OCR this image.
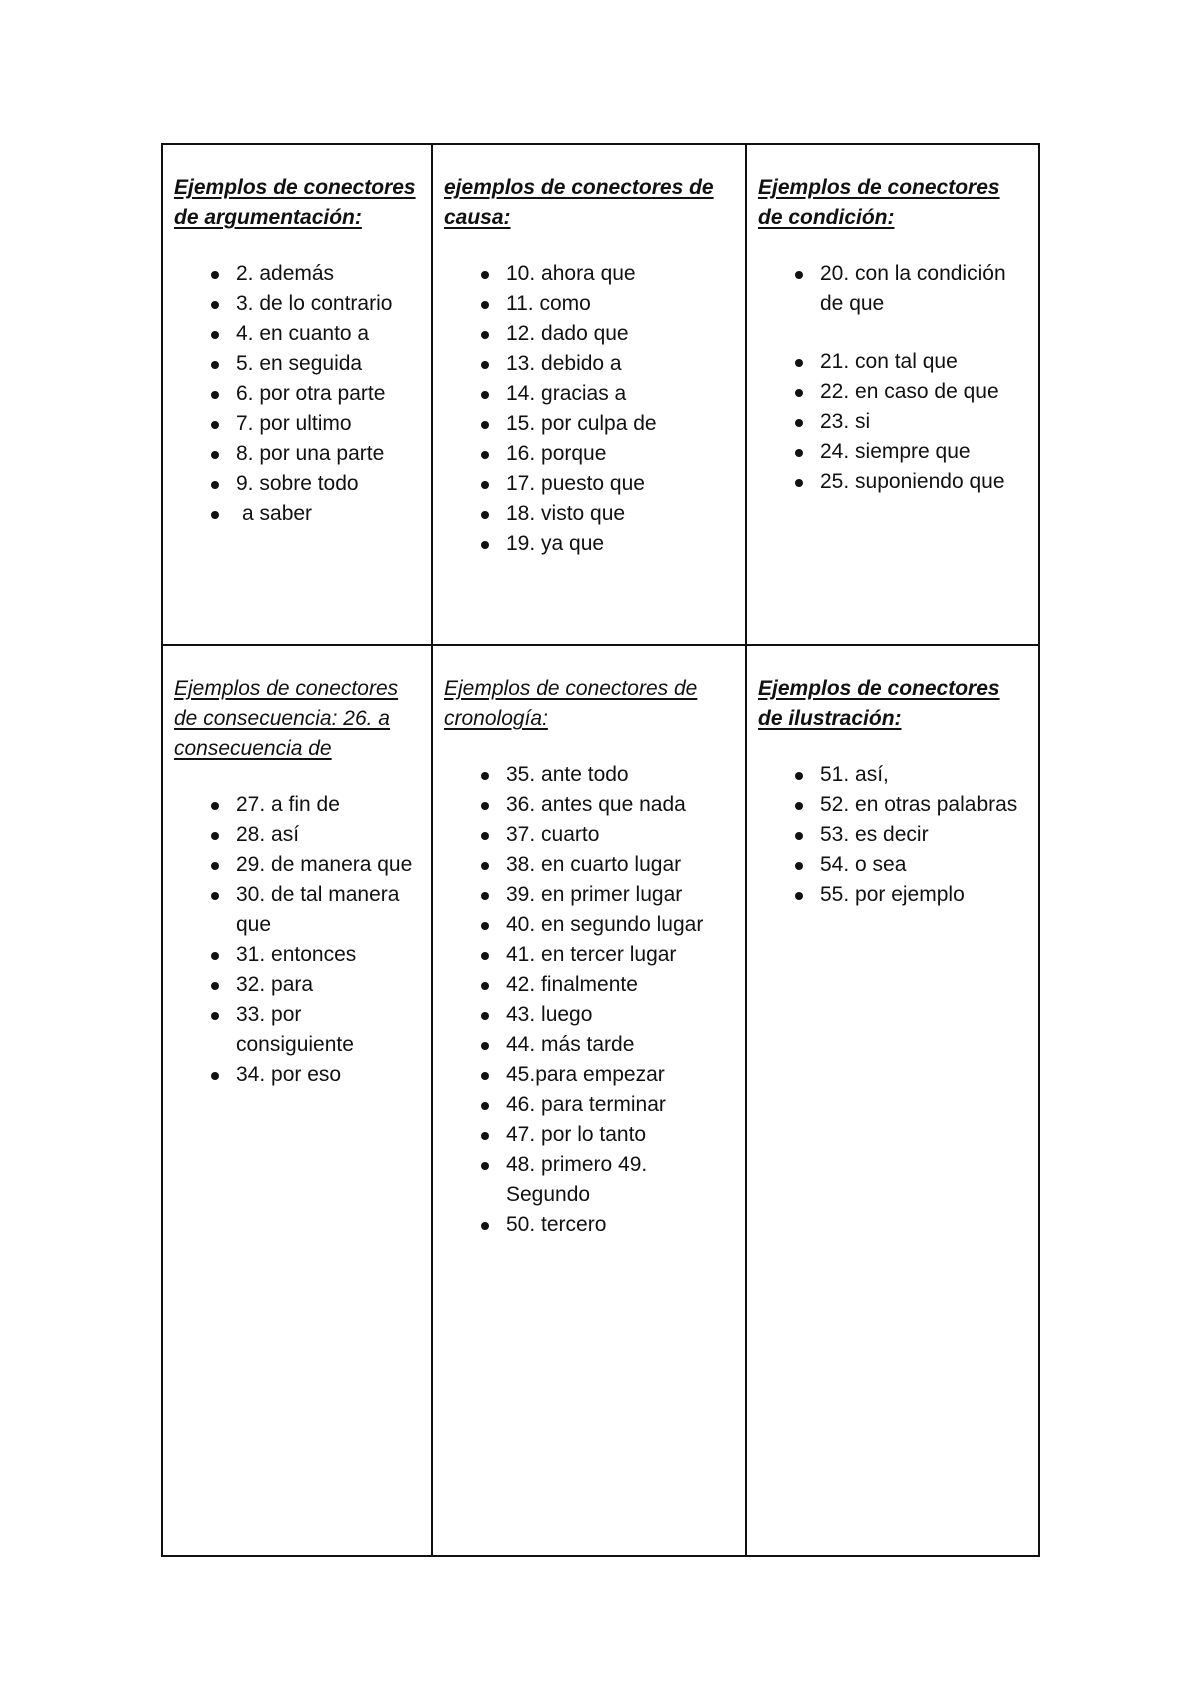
Ejemplos de conectores de argumentación:

2. además
3. de lo contrario
4. en cuanto a
5. en seguida
6. por otra parte
7. por ultimo
8. por una parte
9. sobre todo
a saber

ejemplos de conectores de causa:

10. ahora que
11. como
12. dado que
13. debido a
14. gracias a
15. por culpa de
16. porque
17. puesto que
18. visto que
19. ya que

Ejemplos de conectores de condición:

20. con la condición de que
21. con tal que
22. en caso de que
23. si
24. siempre que
25. suponiendo que

Ejemplos de conectores de consecuencia: 26. a consecuencia de

27. a fin de
28. así
29. de manera que
30. de tal manera que
31. entonces
32. para
33. por consiguiente
34. por eso

Ejemplos de conectores de cronología:

35. ante todo
36. antes que nada
37. cuarto
38. en cuarto lugar
39. en primer lugar
40. en segundo lugar
41. en tercer lugar
42. finalmente
43. luego
44. más tarde
45.para empezar
46. para terminar
47. por lo tanto
48. primero 49. Segundo
50. tercero

Ejemplos de conectores de ilustración:

51. así,
52. en otras palabras
53. es decir
54. o sea
55. por ejemplo
